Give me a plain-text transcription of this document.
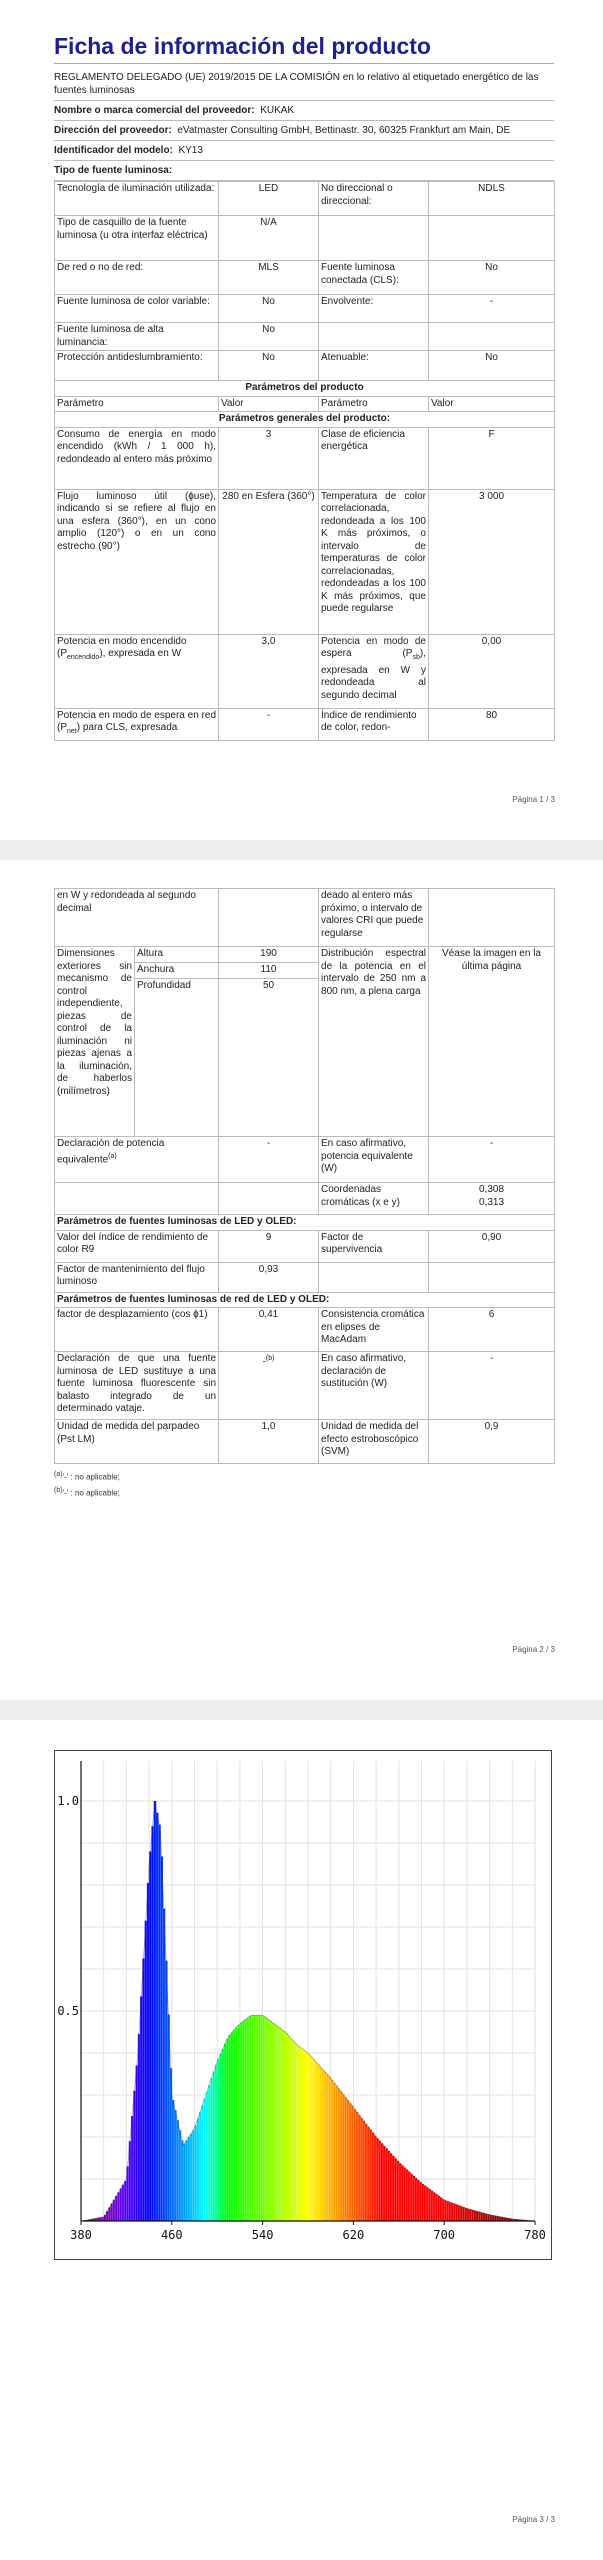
Ficha de información del producto
REGLAMENTO DELEGADO (UE) 2019/2015 DE LA COMISIÓN en lo relativo al etiquetado energético de las fuentes luminosas
Nombre o marca comercial del proveedor: KUKAK
Dirección del proveedor: eVatmaster Consulting GmbH, Bettinastr. 30, 60325 Frankfurt am Main, DE
Identificador del modelo: KY13
Tipo de fuente luminosa:
Tecnología de iluminación utilizada:	LED	No direccional o direccional:	NDLS
Tipo de casquillo de la fuente luminosa (u otra interfaz eléctrica)	N/A		
De red o no de red:	MLS	Fuente luminosa conectada (CLS):	No
Fuente luminosa de color variable:	No	Envolvente:	-
Fuente luminosa de alta luminancia:	No		
Protección antideslumbramiento:	No	Atenuable:	No
Parámetros del producto			
Parámetro	Valor	Parámetro	Valor
Parámetros generales del producto:			
Consumo de energía en modo encendido (kWh / 1 000 h), redondeado al entero más próximo	3	Clase de eficiencia energética	F
Flujo luminoso útil (ɸuse), indicando si se refiere al flujo en una esfera (360°), en un cono amplio (120°) o en un cono estrecho (90°)	280 en Esfera (360°)	Temperatura de color correlacionada, redondeada a los 100 K más próximos, o intervalo de temperaturas de color correlacionadas, redondeadas a los 100 K más próximos, que puede regularse	3 000
Potencia en modo encendido $(P_{encendido})$, expresada en W	3,0	Potencia en modo de espera $(P_{sb})$, expresada en W y redondeada al segundo decimal	0,00
Potencia en modo de espera en red $(P_{net})$ para CLS, expresada	-	Índice de rendimiento de color, redon-	80
Página 1 / 3
en W y redondeada al segundo decimal			deado al entero más próximo, o intervalo de valores CRI que puede regularse	
Dimensiones exteriores sin mecanismo de control independiente, piezas de control de la iluminación ni piezas ajenas a la iluminación, de haberlos (milímetros)	Altura	190	Distribución espectral de la potencia en el intervalo de 250 nm a 800 nm, a plena carga	Véase la imagen en la última página
	Anchura	110		
	Profundidad	50		
Declaración de potencia equivalente$^{(a)}$		-	En caso afirmativo, potencia equivalente (W)	-
			Coordenadas cromáticas (x e y)	0,308
0,313
Parámetros de fuentes luminosas de LED y OLED:				
Valor del índice de rendimiento de color R9		9	Factor de supervivencia	0,90
Factor de mantenimiento del flujo luminoso		0,93		
Parámetros de fuentes luminosas de red de LED y OLED:				
factor de desplazamiento (cos ɸ1)		0,41	Consistencia cromática en elipses de MacAdam	6
Declaración de que una fuente luminosa de LED sustituye a una fuente luminosa fluorescente sin balasto integrado de un determinado vataje.		-$^{(b)}$	En caso afirmativo, declaración de sustitución (W)	-
Unidad de medida del parpadeo (Pst LM)		1,0	Unidad de medida del efecto estroboscópico (SVM)	0,9
(a)'-' : no aplicable;
(b)'-' : no aplicable;
Página 2 / 3
380	460	540	620	700	780
0.5
1.0
Página 3 / 3
